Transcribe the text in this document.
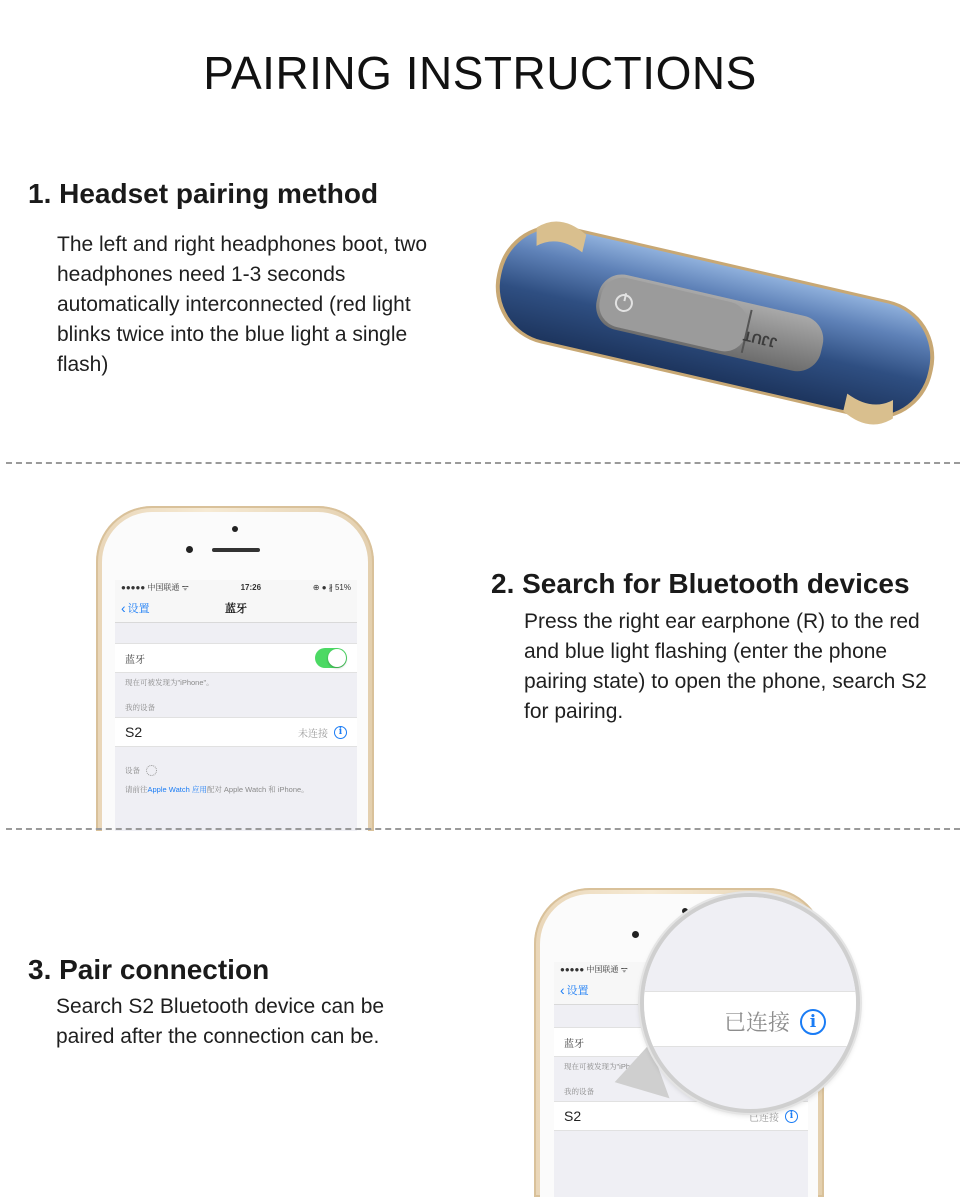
PAIRING INSTRUCTIONS
1. Headset pairing method
The left and right headphones boot, two headphones need 1-3 seconds automatically interconnected (red light blinks twice into the blue light a single flash)
JJUT
●●●●● 中国联通 ᯤ	17:26	⊕ ● ∦ 51%
‹ 设置	蓝牙
蓝牙
现在可被发现为"iPhone"。
我的设备
S2	未连接	i
设备
请前往Apple Watch 应用配对 Apple Watch 和 iPhone。
2. Search for Bluetooth devices
Press the right ear earphone (R) to the red and blue light flashing (enter the phone pairing state) to open the phone, search S2 for pairing.
3. Pair connection
Search S2 Bluetooth device can be paired after the connection can be.
●●●●● 中国联通 ᯤ
‹ 设置
蓝牙
现在可被发现为"iPhon
我的设备
S2	已连接	i
已连接	i
